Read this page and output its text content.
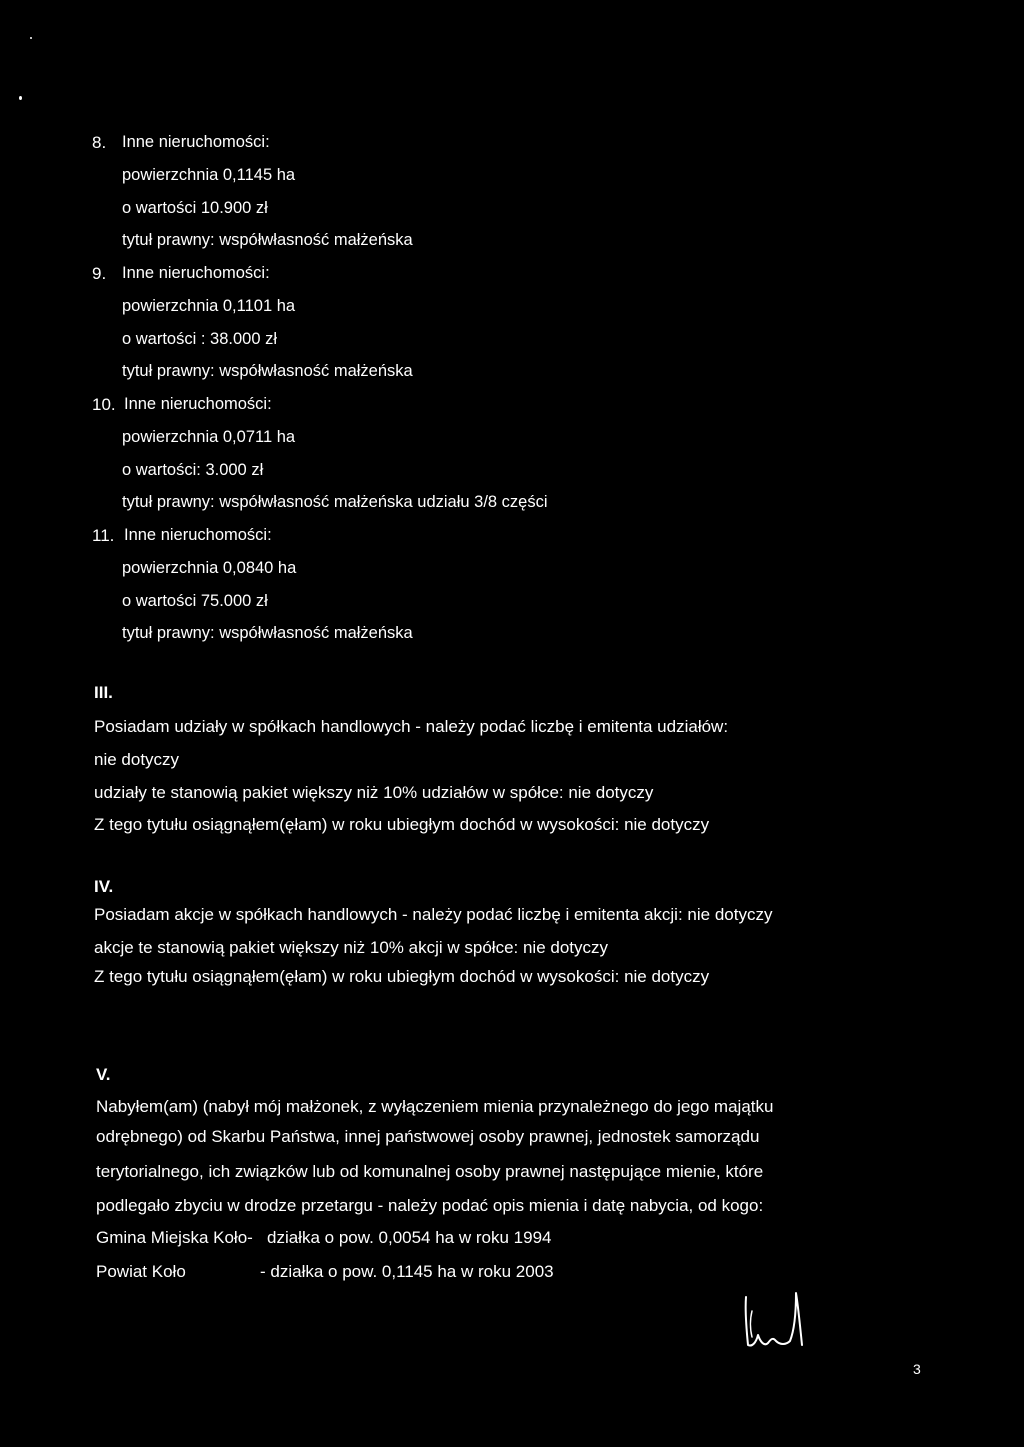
8. Inne nieruchomości:
powierzchnia 0,1145 ha
o wartości 10.900 zł
tytuł prawny: współwłasność małżeńska
9. Inne nieruchomości:
powierzchnia 0,1101 ha
o wartości : 38.000 zł
tytuł prawny: współwłasność małżeńska
10. Inne nieruchomości:
powierzchnia 0,0711 ha
o wartości: 3.000 zł
tytuł prawny: współwłasność małżeńska udziału 3/8 części
11. Inne nieruchomości:
powierzchnia 0,0840 ha
o wartości 75.000 zł
tytuł prawny: współwłasność małżeńska
III.
Posiadam udziały w spółkach handlowych - należy podać liczbę i emitenta udziałów:
nie dotyczy
udziały te stanowią pakiet większy niż 10% udziałów w spółce: nie dotyczy
Z tego tytułu osiągnąłem(ęłam) w roku ubiegłym dochód w wysokości: nie dotyczy
IV.
Posiadam akcje w spółkach handlowych - należy podać liczbę i emitenta akcji: nie dotyczy
akcje te stanowią pakiet większy niż 10% akcji w spółce: nie dotyczy
Z tego tytułu osiągnąłem(ęłam) w roku ubiegłym dochód w wysokości: nie dotyczy
V.
Nabyłem(am) (nabył mój małżonek, z wyłączeniem mienia przynależnego do jego majątku
odrębnego) od Skarbu Państwa, innej państwowej osoby prawnej, jednostek samorządu
terytorialnego, ich związków lub od komunalnej osoby prawnej następujące mienie, które
podlegało zbyciu w drodze przetargu - należy podać opis mienia i datę nabycia, od kogo:
Gmina Miejska Koło- działka o pow. 0,0054 ha w roku 1994
Powiat Koło	- działka o pow. 0,1145 ha w roku 2003
3
